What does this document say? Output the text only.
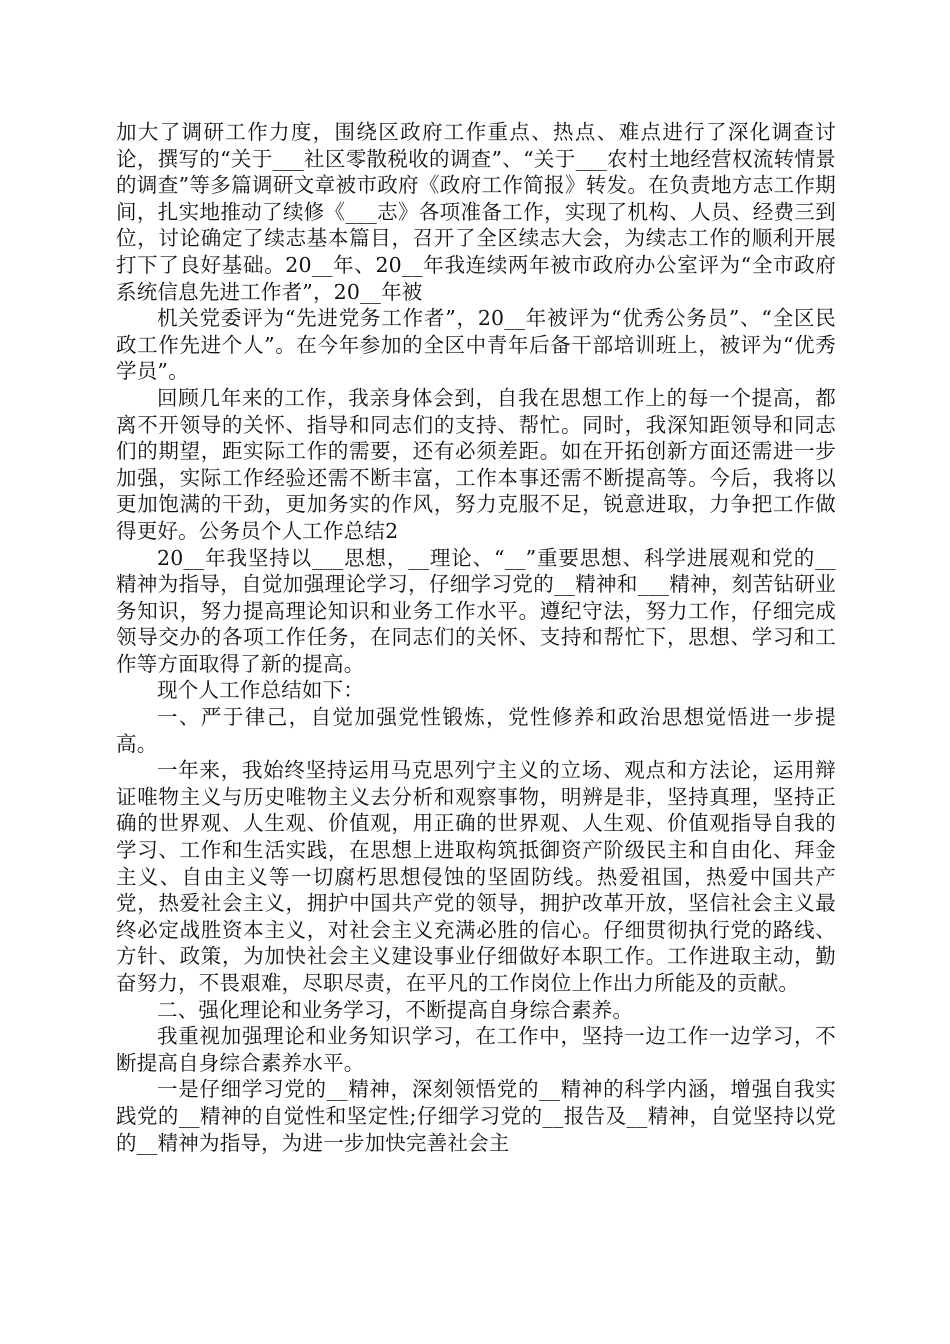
加大了调研工作力度，围绕区政府工作重点、热点、难点进行了深化调查讨论，撰写的“关于___社区零散税收的调查”、“关于___农村土地经营权流转情景的调查”等多篇调研文章被市政府《政府工作简报》转发。在负责地方志工作期间，扎实地推动了续修《___志》各项准备工作，实现了机构、人员、经费三到位，讨论确定了续志基本篇目，召开了全区续志大会，为续志工作的顺利开展打下了良好基础。20__年、20__年我连续两年被市政府办公室评为“全市政府系统信息先进工作者”，20__年被

机关党委评为“先进党务工作者”，20__年被评为“优秀公务员”、“全区民政工作先进个人”。在今年参加的全区中青年后备干部培训班上，被评为“优秀学员”。

回顾几年来的工作，我亲身体会到，自我在思想工作上的每一个提高，都离不开领导的关怀、指导和同志们的支持、帮忙。同时，我深知距领导和同志们的期望，距实际工作的需要，还有必须差距。如在开拓创新方面还需进一步加强，实际工作经验还需不断丰富，工作本事还需不断提高等。今后，我将以更加饱满的干劲，更加务实的作风，努力克服不足，锐意进取，力争把工作做得更好。公务员个人工作总结2

20__年我坚持以___思想，__理论、“__”重要思想、科学进展观和党的__精神为指导，自觉加强理论学习，仔细学习党的__精神和___精神，刻苦钻研业务知识，努力提高理论知识和业务工作水平。遵纪守法，努力工作，仔细完成领导交办的各项工作任务，在同志们的关怀、支持和帮忙下，思想、学习和工作等方面取得了新的提高。

现个人工作总结如下：

一、严于律己，自觉加强党性锻炼，党性修养和政治思想觉悟进一步提高。

一年来，我始终坚持运用马克思列宁主义的立场、观点和方法论，运用辩证唯物主义与历史唯物主义去分析和观察事物，明辨是非，坚持真理，坚持正确的世界观、人生观、价值观，用正确的世界观、人生观、价值观指导自我的学习、工作和生活实践，在思想上进取构筑抵御资产阶级民主和自由化、拜金主义、自由主义等一切腐朽思想侵蚀的坚固防线。热爱祖国，热爱中国共产党，热爱社会主义，拥护中国共产党的领导，拥护改革开放，坚信社会主义最终必定战胜资本主义，对社会主义充满必胜的信心。仔细贯彻执行党的路线、方针、政策，为加快社会主义建设事业仔细做好本职工作。工作进取主动，勤奋努力，不畏艰难，尽职尽责，在平凡的工作岗位上作出力所能及的贡献。

二、强化理论和业务学习，不断提高自身综合素养。

我重视加强理论和业务知识学习，在工作中，坚持一边工作一边学习，不断提高自身综合素养水平。

一是仔细学习党的__精神，深刻领悟党的__精神的科学内涵，增强自我实践党的__精神的自觉性和坚定性;仔细学习党的__报告及__精神，自觉坚持以党的__精神为指导，为进一步加快完善社会主
